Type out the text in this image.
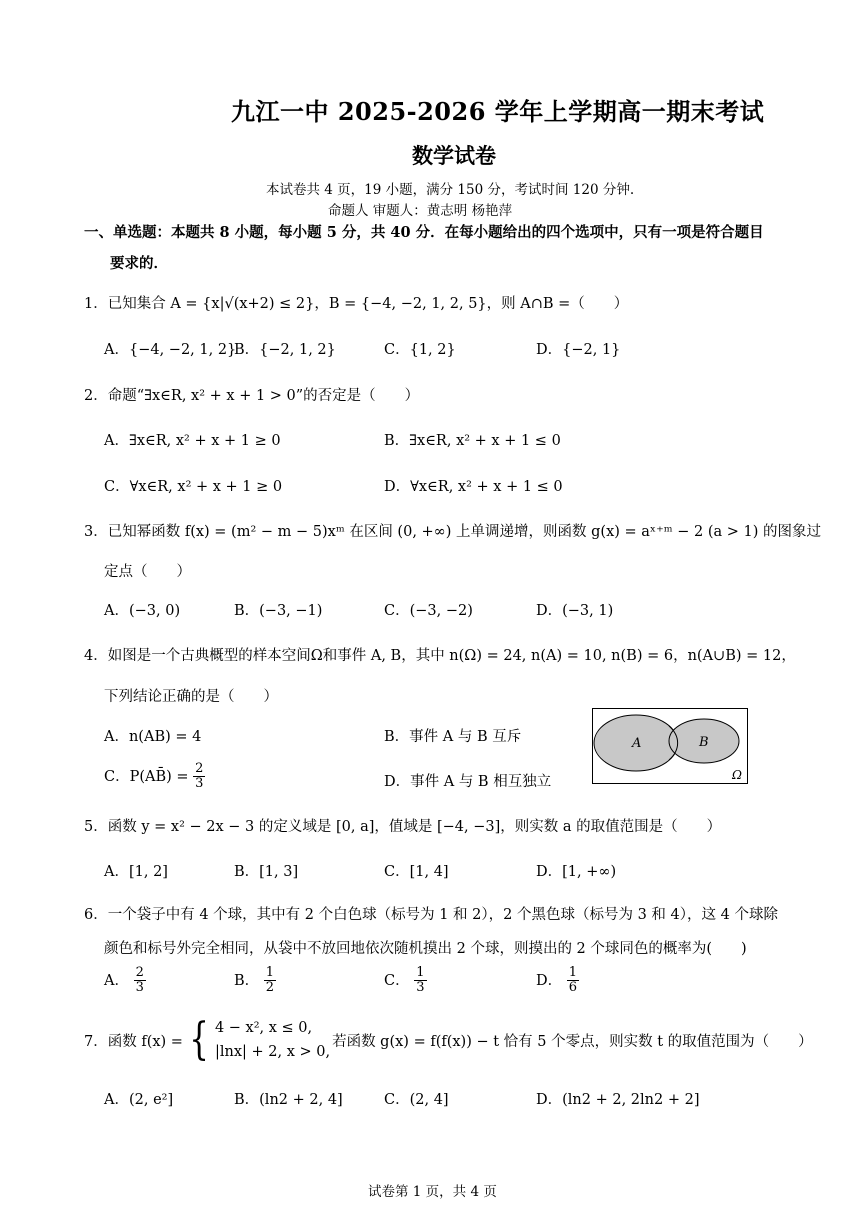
九江一中 2025-2026 学年上学期高一期末考试
数学试卷
本试卷共 4 页，19 小题，满分 150 分，考试时间 120 分钟.
命题人 审题人：黄志明 杨艳萍
一、单选题：本题共 8 小题，每小题 5 分，共 40 分．在每小题给出的四个选项中，只有一项是符合题目
要求的．
1．已知集合 A = {x|√(x+2) ≤ 2}，B = {−4, −2, 1, 2, 5}，则 A∩B =（　　）
A．{−4, −2, 1, 2}
B．{−2, 1, 2}	C．{1, 2}	D．{−2, 1}
2．命题“∃x∈R, x² + x + 1 > 0”的否定是（　　）
A．∃x∈R, x² + x + 1 ≥ 0	B．∃x∈R, x² + x + 1 ≤ 0
C．∀x∈R, x² + x + 1 ≥ 0	D．∀x∈R, x² + x + 1 ≤ 0
3．已知幂函数 f(x) = (m² − m − 5)xᵐ 在区间 (0, +∞) 上单调递增，则函数 g(x) = aˣ⁺ᵐ − 2 (a > 1) 的图象过
定点（　　）
A．(−3, 0)	B．(−3, −1)	C．(−3, −2)	D．(−3, 1)
4．如图是一个古典概型的样本空间Ω和事件 A, B，其中 n(Ω) = 24, n(A) = 10, n(B) = 6，n(A∪B) = 12，
下列结论正确的是（　　）
A．n(AB) = 4	B．事件 A 与 B 互斥
C．P(AB̄) = $\frac{2}{3}$	D．事件 A 与 B 相互独立
A	B
Ω
5．函数 y = x² − 2x − 3 的定义域是 [0, a]，值域是 [−4, −3]，则实数 a 的取值范围是（　　）
A．[1, 2]	B．[1, 3]	C．[1, 4]	D．[1, +∞)
6．一个袋子中有 4 个球，其中有 2 个白色球（标号为 1 和 2），2 个黑色球（标号为 3 和 4），这 4 个球除
颜色和标号外完全相同，从袋中不放回地依次随机摸出 2 个球，则摸出的 2 个球同色的概率为(　　)
A． $\frac{2}{3}$	B． $\frac{1}{2}$	C． $\frac{1}{3}$	D． $\frac{1}{6}$
7．函数 f(x) = { 4 − x², x ≤ 0,
|lnx| + 2, x > 0,
若函数 g(x) = f(f(x)) − t 恰有 5 个零点，则实数 t 的取值范围为（　　）
A．(2, e²]	B．(ln2 + 2, 4]	C．(2, 4]	D．(ln2 + 2, 2ln2 + 2]
试卷第 1 页，共 4 页
